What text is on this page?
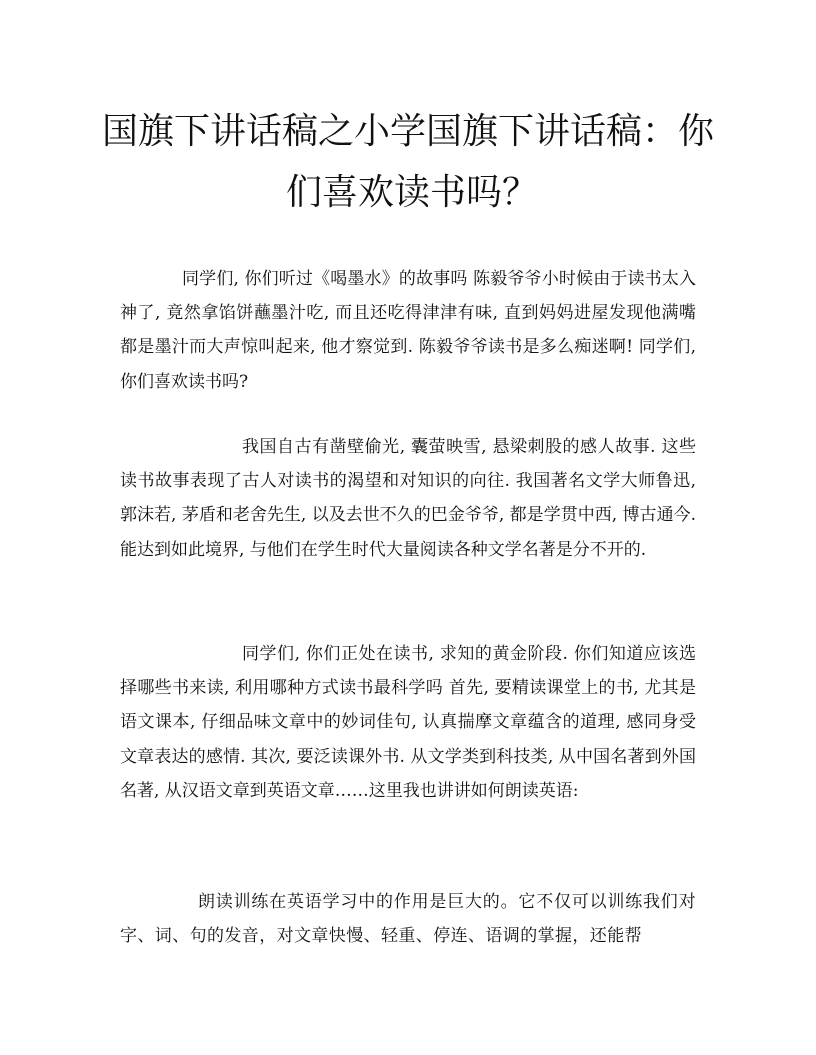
国旗下讲话稿之小学国旗下讲话稿：你
们喜欢读书吗？

同学们, 你们听过《喝墨水》的故事吗 陈毅爷爷小时候由于读书太入神了, 竟然拿馅饼蘸墨汁吃, 而且还吃得津津有味, 直到妈妈进屋发现他满嘴都是墨汁而大声惊叫起来, 他才察觉到. 陈毅爷爷读书是多么痴迷啊! 同学们, 你们喜欢读书吗?

我国自古有凿壁偷光, 囊萤映雪, 悬梁刺股的感人故事. 这些读书故事表现了古人对读书的渴望和对知识的向往. 我国著名文学大师鲁迅, 郭沫若, 茅盾和老舍先生, 以及去世不久的巴金爷爷, 都是学贯中西, 博古通今. 能达到如此境界, 与他们在学生时代大量阅读各种文学名著是分不开的.

同学们, 你们正处在读书, 求知的黄金阶段. 你们知道应该选择哪些书来读, 利用哪种方式读书最科学吗 首先, 要精读课堂上的书, 尤其是语文课本, 仔细品味文章中的妙词佳句, 认真揣摩文章蕴含的道理, 感同身受文章表达的感情. 其次, 要泛读课外书. 从文学类到科技类, 从中国名著到外国名著, 从汉语文章到英语文章……这里我也讲讲如何朗读英语:

朗读训练在英语学习中的作用是巨大的。它不仅可以训练我们对字、词、句的发音，对文章快慢、轻重、停连、语调的掌握，还能帮
